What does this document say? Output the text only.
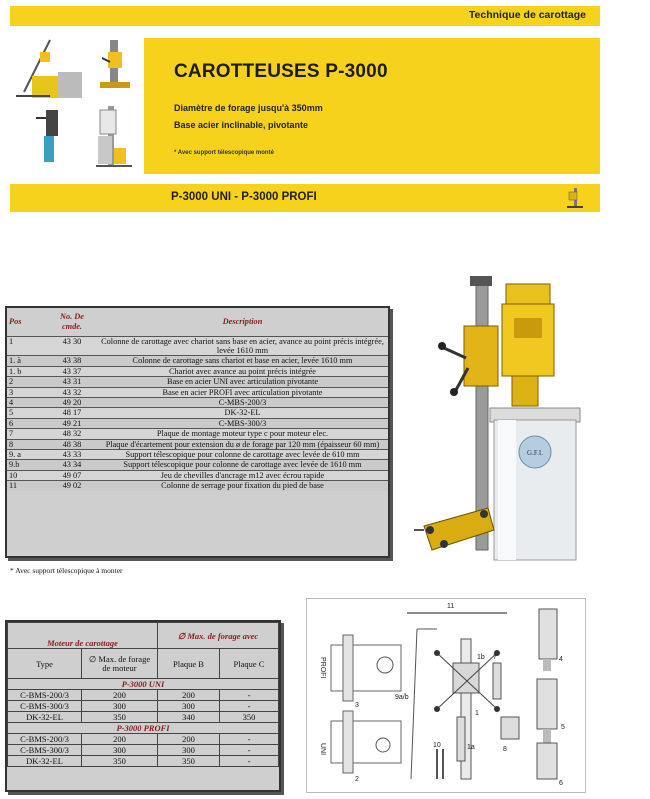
Technique de carottage
CAROTTEUSES P-3000
Diamètre de forage jusqu'à 350mm
Base acier inclinable, pivotante
* Avec support télescopique monté
P-3000 UNI - P-3000 PROFI
Pos	No. De cmde.	Description
1	43 30	Colonne de carottage avec chariot sans base en acier, avance au point précis intégrée, levée 1610 mm
1. à	43 38	Colonne de carottage sans chariot et base en acier, levée 1610 mm
1. b	43 37	Chariot avec avance au point précis intégrée
2	43 31	Base en acier UNI avec articulation pivotante
3	43 32	Base en acier PROFI avec articulation pivotante
4	49 20	C-MBS-200/3
5	48 17	DK-32-EL
6	49 21	C-MBS-300/3
7	48 32	Plaque de montage moteur type c pour moteur elec.
8	48 38	Plaque d'écartement pour extension du ø de forage par 120 mm (épaisseur 60 mm)
9. a	43 33	Support télescopique pour colonne de carottage avec levée de 610 mm
9.b	43 34	Support télescopique pour colonne de carottage avec levée de 1610 mm
10	49 07	Jeu de chevilles d'ancrage m12 avec écrou rapide
11	49 02	Colonne de serrage pour fixation du pied de base
* Avec support télescopique à monter
G.F.I.
Moteur de carottage		∅ Max. de forage avec	
Type	∅ Max. de forage de moteur	Plaque B	Plaque C
P-3000 UNI			
C-BMS-200/3	200	200	-
C-BMS-300/3	300	300	-
DK-32-EL	350	340	350
P-3000 PROFI			
C-BMS-200/3	200	200	-
C-BMS-300/3	300	300	-
DK-32-EL	350	350	-
11
3
PROFI
9a/b
1b 7
1
2
UNI	10	1a	8
4
5
6
